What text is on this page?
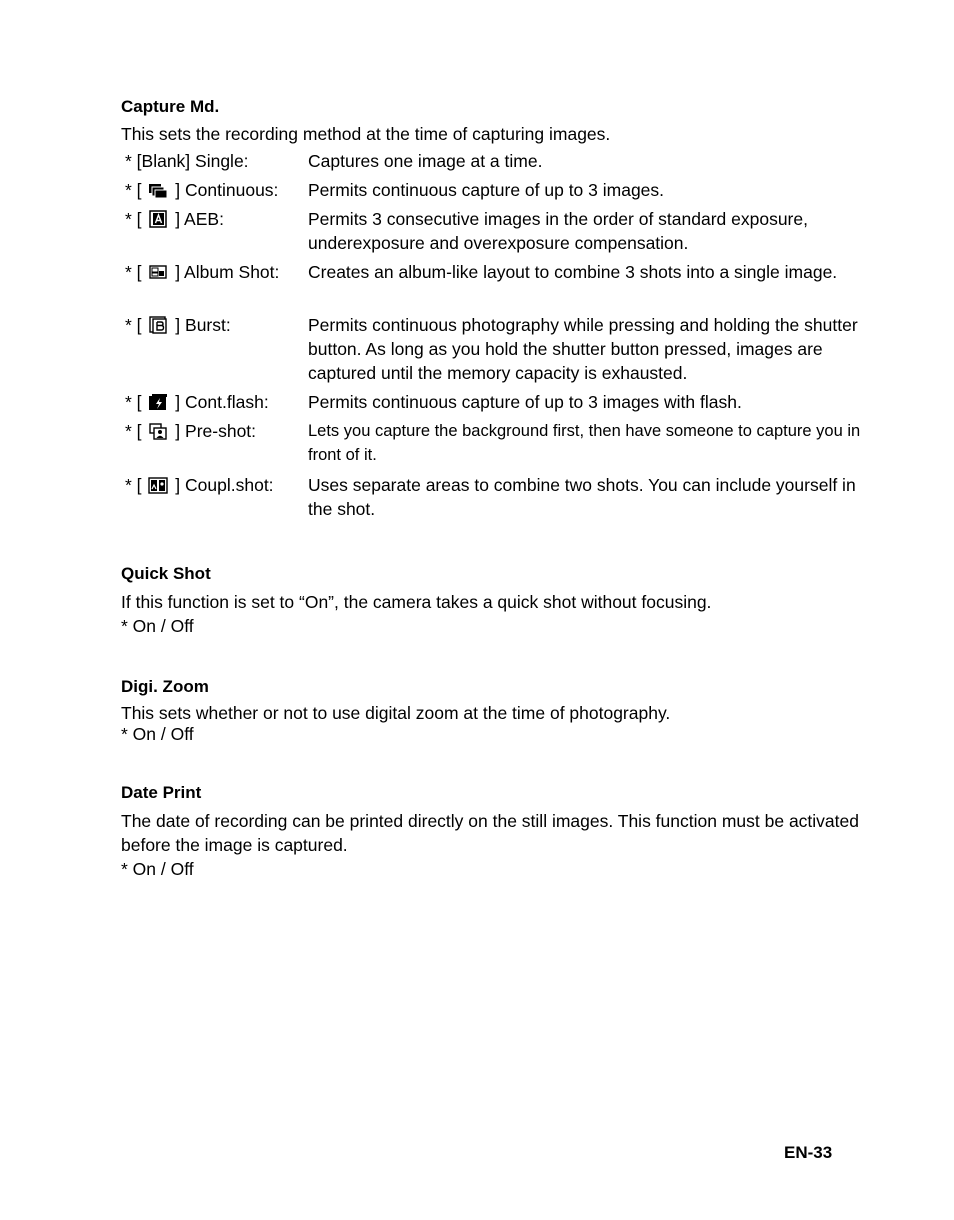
Capture Md.

This sets the recording method at the time of capturing images.

* [Blank] Single:	Captures one image at a time.
* [ ] Continuous:	Permits continuous capture of up to 3 images.
* [ ] AEB:	Permits 3 consecutive images in the order of standard exposure, underexposure and overexposure compensation.
* [ ] Album Shot:	Creates an album-like layout to combine 3 shots into a single image.
* [ ] Burst:	Permits continuous photography while pressing and holding the shutter button. As long as you hold the shutter button pressed, images are captured until the memory capacity is exhausted.
* [ ] Cont.flash:	Permits continuous capture of up to 3 images with flash.
* [ ] Pre-shot:	Lets you capture the background first, then have someone to capture you in front of it.
* [ ] Coupl.shot:	Uses separate areas to combine two shots. You can include yourself in the shot.

Quick Shot

If this function is set to “On”, the camera takes a quick shot without focusing.

* On / Off

Digi. Zoom

This sets whether or not to use digital zoom at the time of photography.

* On / Off

Date Print

The date of recording can be printed directly on the still images. This function must be activated before the image is captured.

* On / Off

EN-33
